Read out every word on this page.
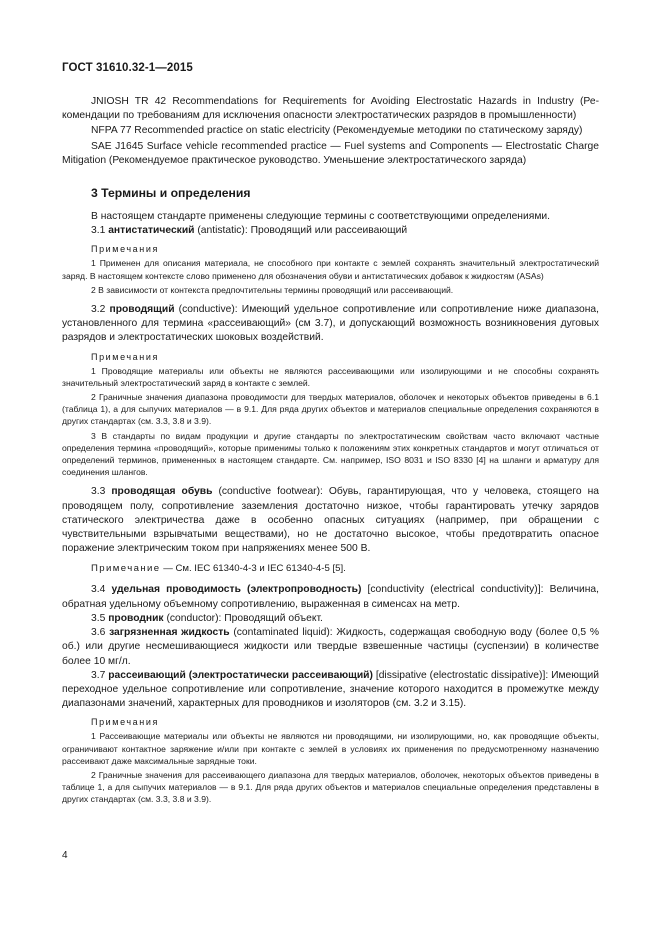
ГОСТ 31610.32-1—2015

JNIOSH TR 42 Recommendations for Requirements for Avoiding Electrostatic Hazards in Industry (Рекомендации по требованиям для исключения опасности электростатических разрядов в промышленности)

NFPA 77 Recommended practice on static electricity (Рекомендуемые методики по статическому заряду)

SAE J1645 Surface vehicle recommended practice — Fuel systems and Components — Electrostatic Charge Mitigation (Рекомендуемое практическое руководство. Уменьшение электростатического заряда)

3 Термины и определения

В настоящем стандарте применены следующие термины с соответствующими определениями.

3.1 антистатический (antistatic): Проводящий или рассеивающий

Примечания

1 Применен для описания материала, не способного при контакте с землей сохранять значительный электростатический заряд. В настоящем контексте слово применено для обозначения обуви и антистатических добавок к жидкостям (ASAs)

2 В зависимости от контекста предпочтительны термины проводящий или рассеивающий.

3.2 проводящий (conductive): Имеющий удельное сопротивление или сопротивление ниже диапазона, установленного для термина «рассеивающий» (см 3.7), и допускающий возможность возникновения дуговых разрядов и электростатических шоковых воздействий.

Примечания

1 Проводящие материалы или объекты не являются рассеивающими или изолирующими и не способны сохранять значительный электростатический заряд в контакте с землей.

2 Граничные значения диапазона проводимости для твердых материалов, оболочек и некоторых объектов приведены в 6.1 (таблица 1), а для сыпучих материалов — в 9.1. Для ряда других объектов и материалов специальные определения сохраняются в других стандартах (см. 3.3, 3.8 и 3.9).

3 В стандарты по видам продукции и другие стандарты по электростатическим свойствам часто включают частные определения термина «проводящий», которые применимы только к положениям этих конкретных стандартов и могут отличаться от определений терминов, примененных в настоящем стандарте. См. например, ISO 8031 и ISO 8330 [4] на шланги и арматуру для соединения шлангов.

3.3 проводящая обувь (conductive footwear): Обувь, гарантирующая, что у человека, стоящего на проводящем полу, сопротивление заземления достаточно низкое, чтобы гарантировать утечку зарядов статического электричества даже в особенно опасных ситуациях (например, при обращении с чувствительными взрывчатыми веществами), но не достаточно высокое, чтобы предотвратить опасное поражение электрическим током при напряжениях менее 500 В.

Примечание — См. IEC 61340-4-3 и IEC 61340-4-5 [5].

3.4 удельная проводимость (электропроводность) [conductivity (electrical conductivity)]: Величина, обратная удельному объемному сопротивлению, выраженная в сименсах на метр.

3.5 проводник (conductor): Проводящий объект.

3.6 загрязненная жидкость (contaminated liquid): Жидкость, содержащая свободную воду (более 0,5 % об.) или другие несмешивающиеся жидкости или твердые взвешенные частицы (суспензии) в количестве более 10 мг/л.

3.7 рассеивающий (электростатически рассеивающий) [dissipative (electrostatic dissipative)]: Имеющий переходное удельное сопротивление или сопротивление, значение которого находится в промежутке между диапазонами значений, характерных для проводников и изоляторов (см. 3.2 и 3.15).

Примечания

1 Рассеивающие материалы или объекты не являются ни проводящими, ни изолирующими, но, как проводящие объекты, ограничивают контактное заряжение и/или при контакте с землей в условиях их применения по предусмотренному назначению рассеивают даже максимальные зарядные токи.

2 Граничные значения для рассеивающего диапазона для твердых материалов, оболочек, некоторых объектов приведены в таблице 1, а для сыпучих материалов — в 9.1. Для ряда других объектов и материалов специальные определения представлены в других стандартах (см. 3.3, 3.8 и 3.9).

4
